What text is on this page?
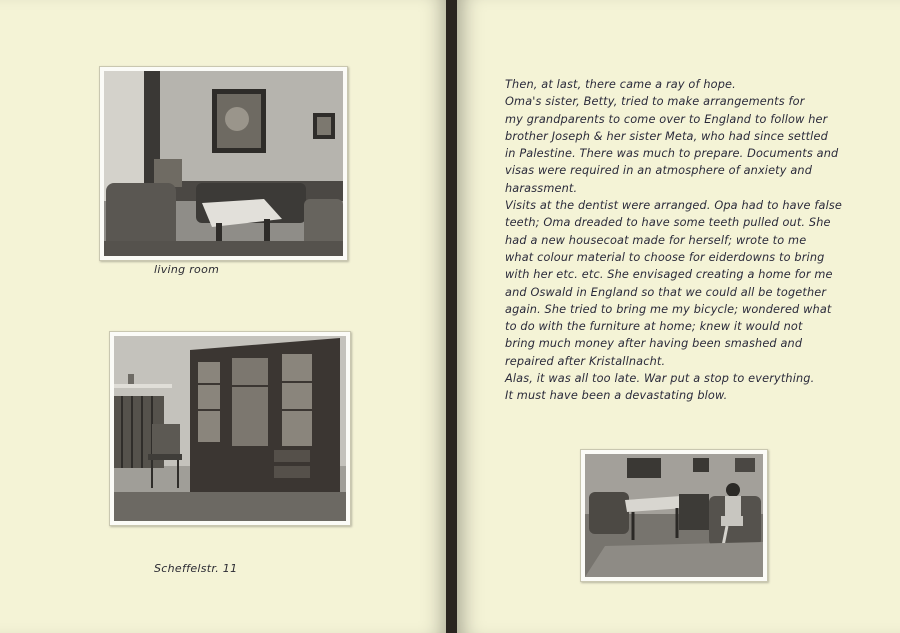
living room
Scheffelstr. 11
Then, at last, there came a ray of hope.
Oma's sister, Betty, tried to make arrangements for
my grandparents to come over to England to follow her
brother Joseph & her sister Meta, who had since settled
in Palestine. There was much to prepare. Documents and
visas were required in an atmosphere of anxiety and
harassment.
Visits at the dentist were arranged. Opa had to have false
teeth; Oma dreaded to have some teeth pulled out. She
had a new housecoat made for herself; wrote to me
what colour material to choose for eiderdowns to bring
with her etc. etc. She envisaged creating a home for me
and Oswald in England so that we could all be together
again. She tried to bring me my bicycle; wondered what
to do with the furniture at home; knew it would not
bring much money after having been smashed and
repaired after Kristallnacht.
Alas, it was all too late. War put a stop to everything.
It must have been a devastating blow.
